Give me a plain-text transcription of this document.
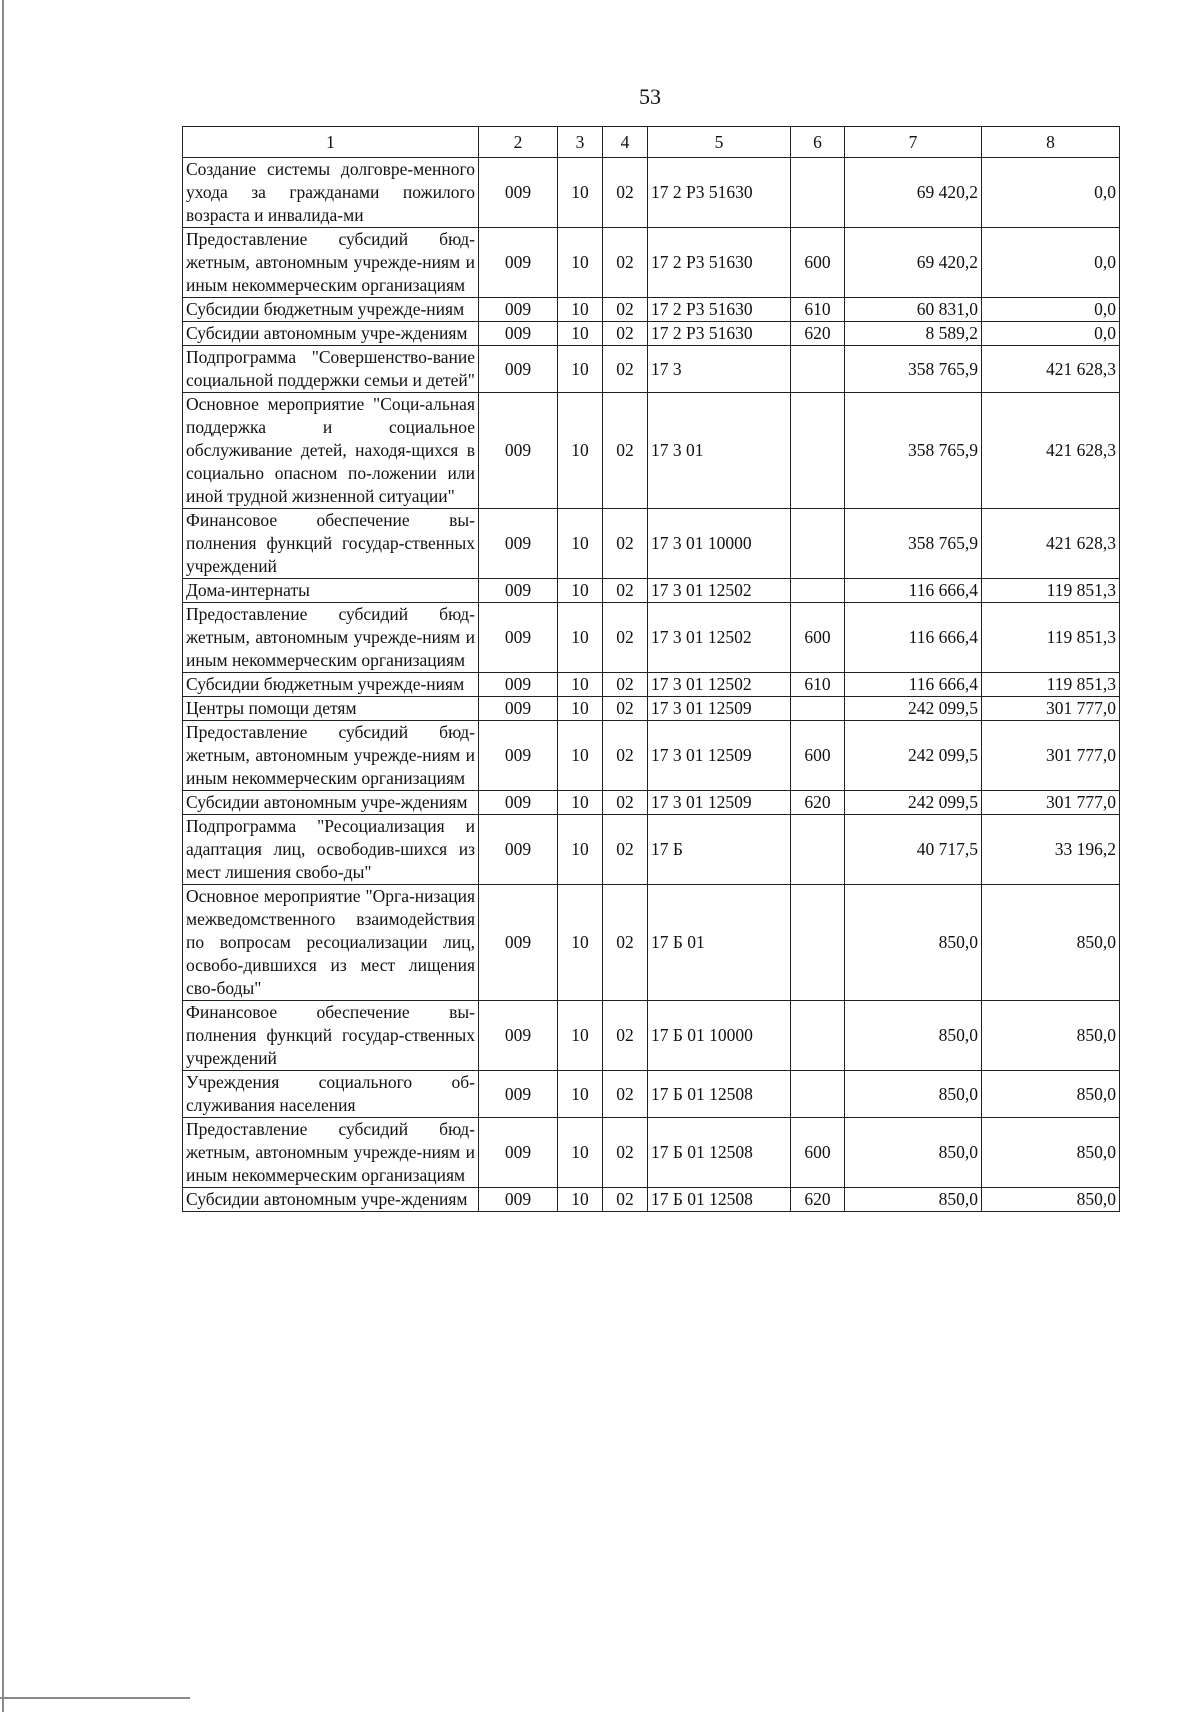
53
1	2	3	4	5	6	7	8
Создание системы долговре-менного ухода за гражданами пожилого возраста и инвалида-ми	009	10	02	17 2 P3 51630		69 420,2	0,0
Предоставление субсидий бюд-жетным, автономным учрежде-ниям и иным некоммерческим организациям	009	10	02	17 2 P3 51630	600	69 420,2	0,0
Субсидии бюджетным учрежде-ниям	009	10	02	17 2 P3 51630	610	60 831,0	0,0
Субсидии автономным учре-ждениям	009	10	02	17 2 P3 51630	620	8 589,2	0,0
Подпрограмма "Совершенство-вание социальной поддержки семьи и детей"	009	10	02	17 3		358 765,9	421 628,3
Основное мероприятие "Соци-альная поддержка и социальное обслуживание детей, находя-щихся в социально опасном по-ложении или иной трудной жизненной ситуации"	009	10	02	17 3 01		358 765,9	421 628,3
Финансовое обеспечение вы-полнения функций государ-ственных учреждений	009	10	02	17 3 01 10000		358 765,9	421 628,3
Дома-интернаты	009	10	02	17 3 01 12502		116 666,4	119 851,3
Предоставление субсидий бюд-жетным, автономным учрежде-ниям и иным некоммерческим организациям	009	10	02	17 3 01 12502	600	116 666,4	119 851,3
Субсидии бюджетным учрежде-ниям	009	10	02	17 3 01 12502	610	116 666,4	119 851,3
Центры помощи детям	009	10	02	17 3 01 12509		242 099,5	301 777,0
Предоставление субсидий бюд-жетным, автономным учрежде-ниям и иным некоммерческим организациям	009	10	02	17 3 01 12509	600	242 099,5	301 777,0
Субсидии автономным учре-ждениям	009	10	02	17 3 01 12509	620	242 099,5	301 777,0
Подпрограмма "Ресоциализация и адаптация лиц, освободив-шихся из мест лишения свобо-ды"	009	10	02	17 Б		40 717,5	33 196,2
Основное мероприятие "Орга-низация межведомственного взаимодействия по вопросам ресоциализации лиц, освобо-дившихся из мест лищения сво-боды"	009	10	02	17 Б 01		850,0	850,0
Финансовое обеспечение вы-полнения функций государ-ственных учреждений	009	10	02	17 Б 01 10000		850,0	850,0
Учреждения социального об-служивания населения	009	10	02	17 Б 01 12508		850,0	850,0
Предоставление субсидий бюд-жетным, автономным учрежде-ниям и иным некоммерческим организациям	009	10	02	17 Б 01 12508	600	850,0	850,0
Субсидии автономным учре-ждениям	009	10	02	17 Б 01 12508	620	850,0	850,0
